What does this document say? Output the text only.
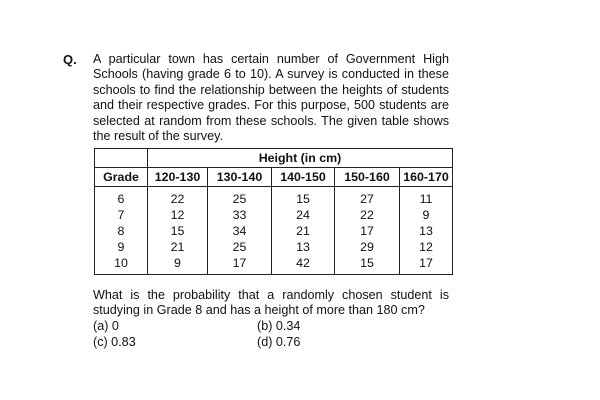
Q. A particular town has certain number of Government High Schools (having grade 6 to 10). A survey is conducted in these schools to find the relationship between the heights of students and their respective grades. For this purpose, 500 students are selected at random from these schools. The given table shows the result of the survey.
	Height (in cm)				
Grade	120-130	130-140	140-150	150-160	160-170
6	22	25	15	27	11
7	12	33	24	22	9
8	15	34	21	17	13
9	21	25	13	29	12
10	9	17	42	15	17
What is the probability that a randomly chosen student is studying in Grade 8 and has a height of more than 180 cm?
(a) 0	(b) 0.34
(c) 0.83	(d) 0.76
